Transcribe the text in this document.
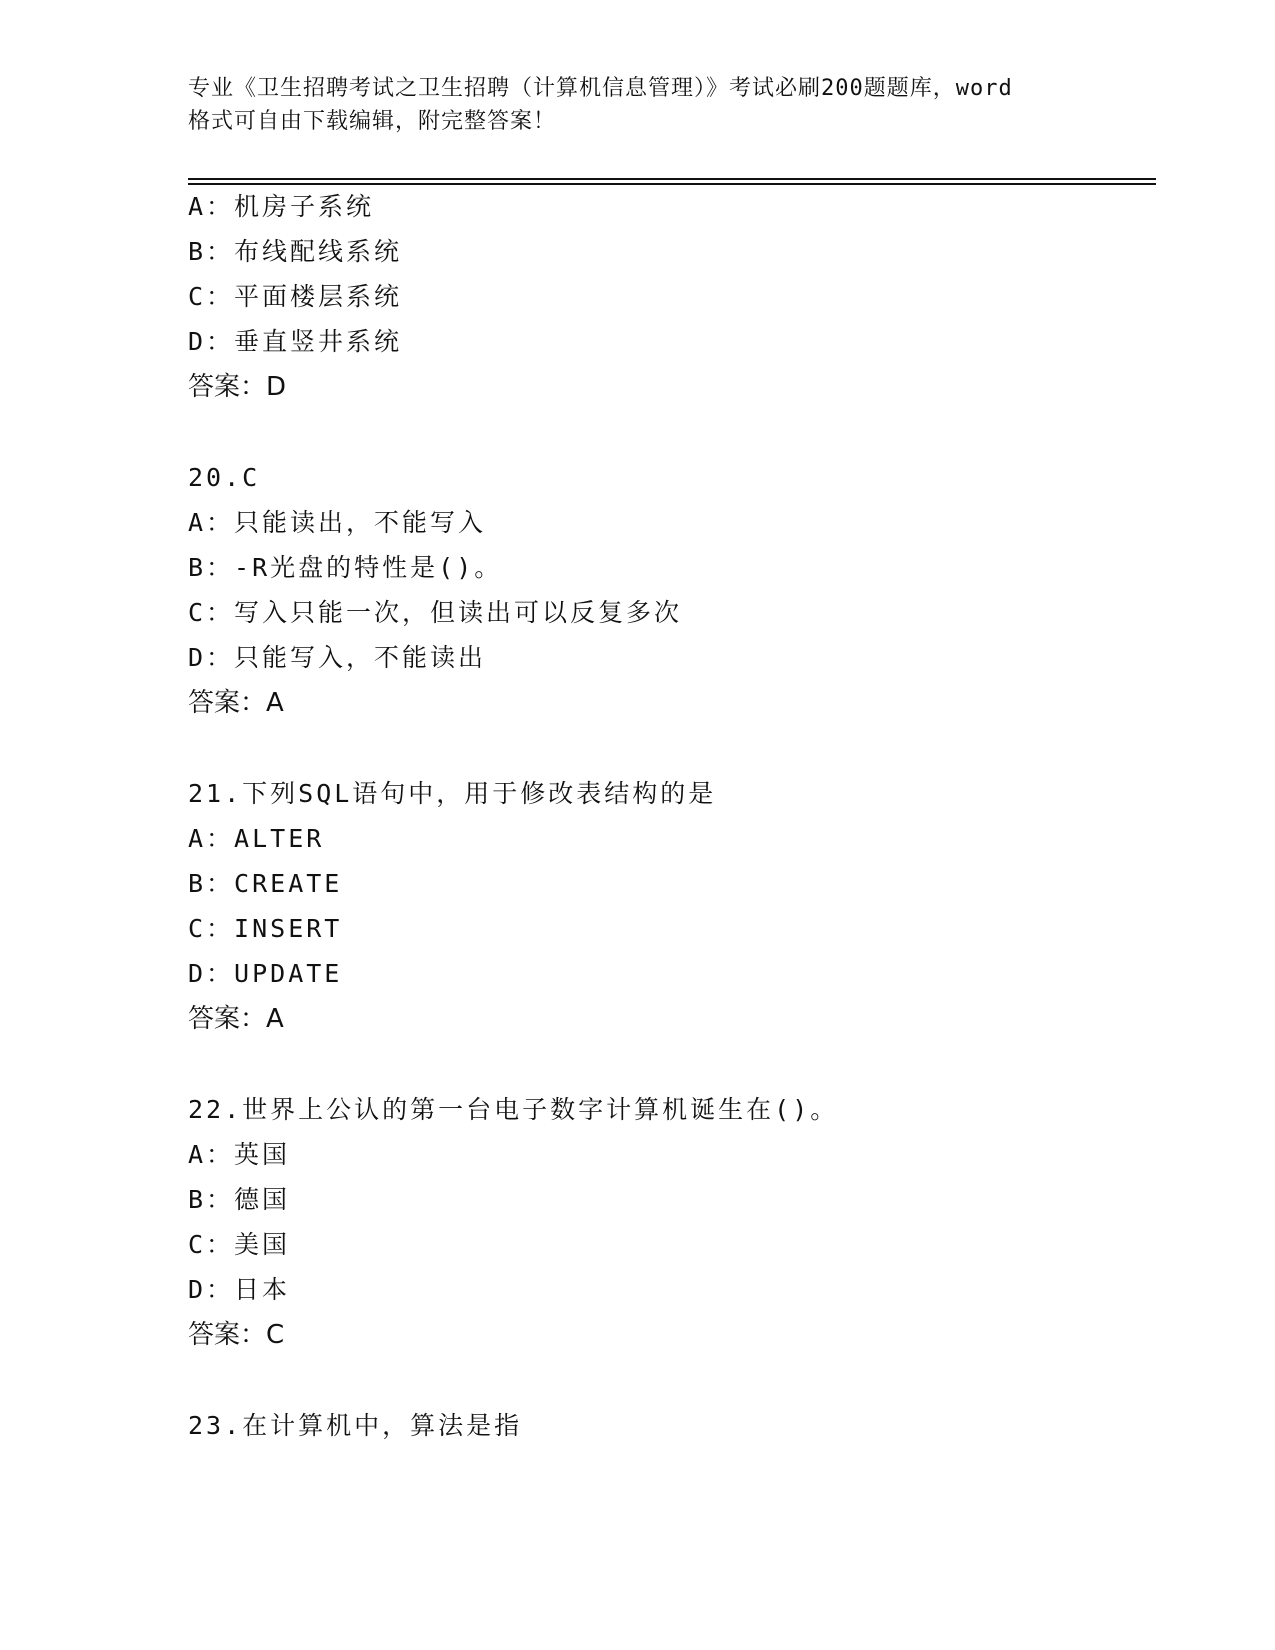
专业《卫生招聘考试之卫生招聘（计算机信息管理）》考试必刷200题题库，word
格式可自由下载编辑，附完整答案！
A：机房子系统
B：布线配线系统
C：平面楼层系统
D：垂直竖井系统
答案：D
20.C
A：只能读出，不能写入
B：-R光盘的特性是()。
C：写入只能一次，但读出可以反复多次
D：只能写入，不能读出
答案：A
21.下列SQL语句中，用于修改表结构的是
A：ALTER
B：CREATE
C：INSERT
D：UPDATE
答案：A
22.世界上公认的第一台电子数字计算机诞生在()。
A：英国
B：德国
C：美国
D：日本
答案：C
23.在计算机中，算法是指
